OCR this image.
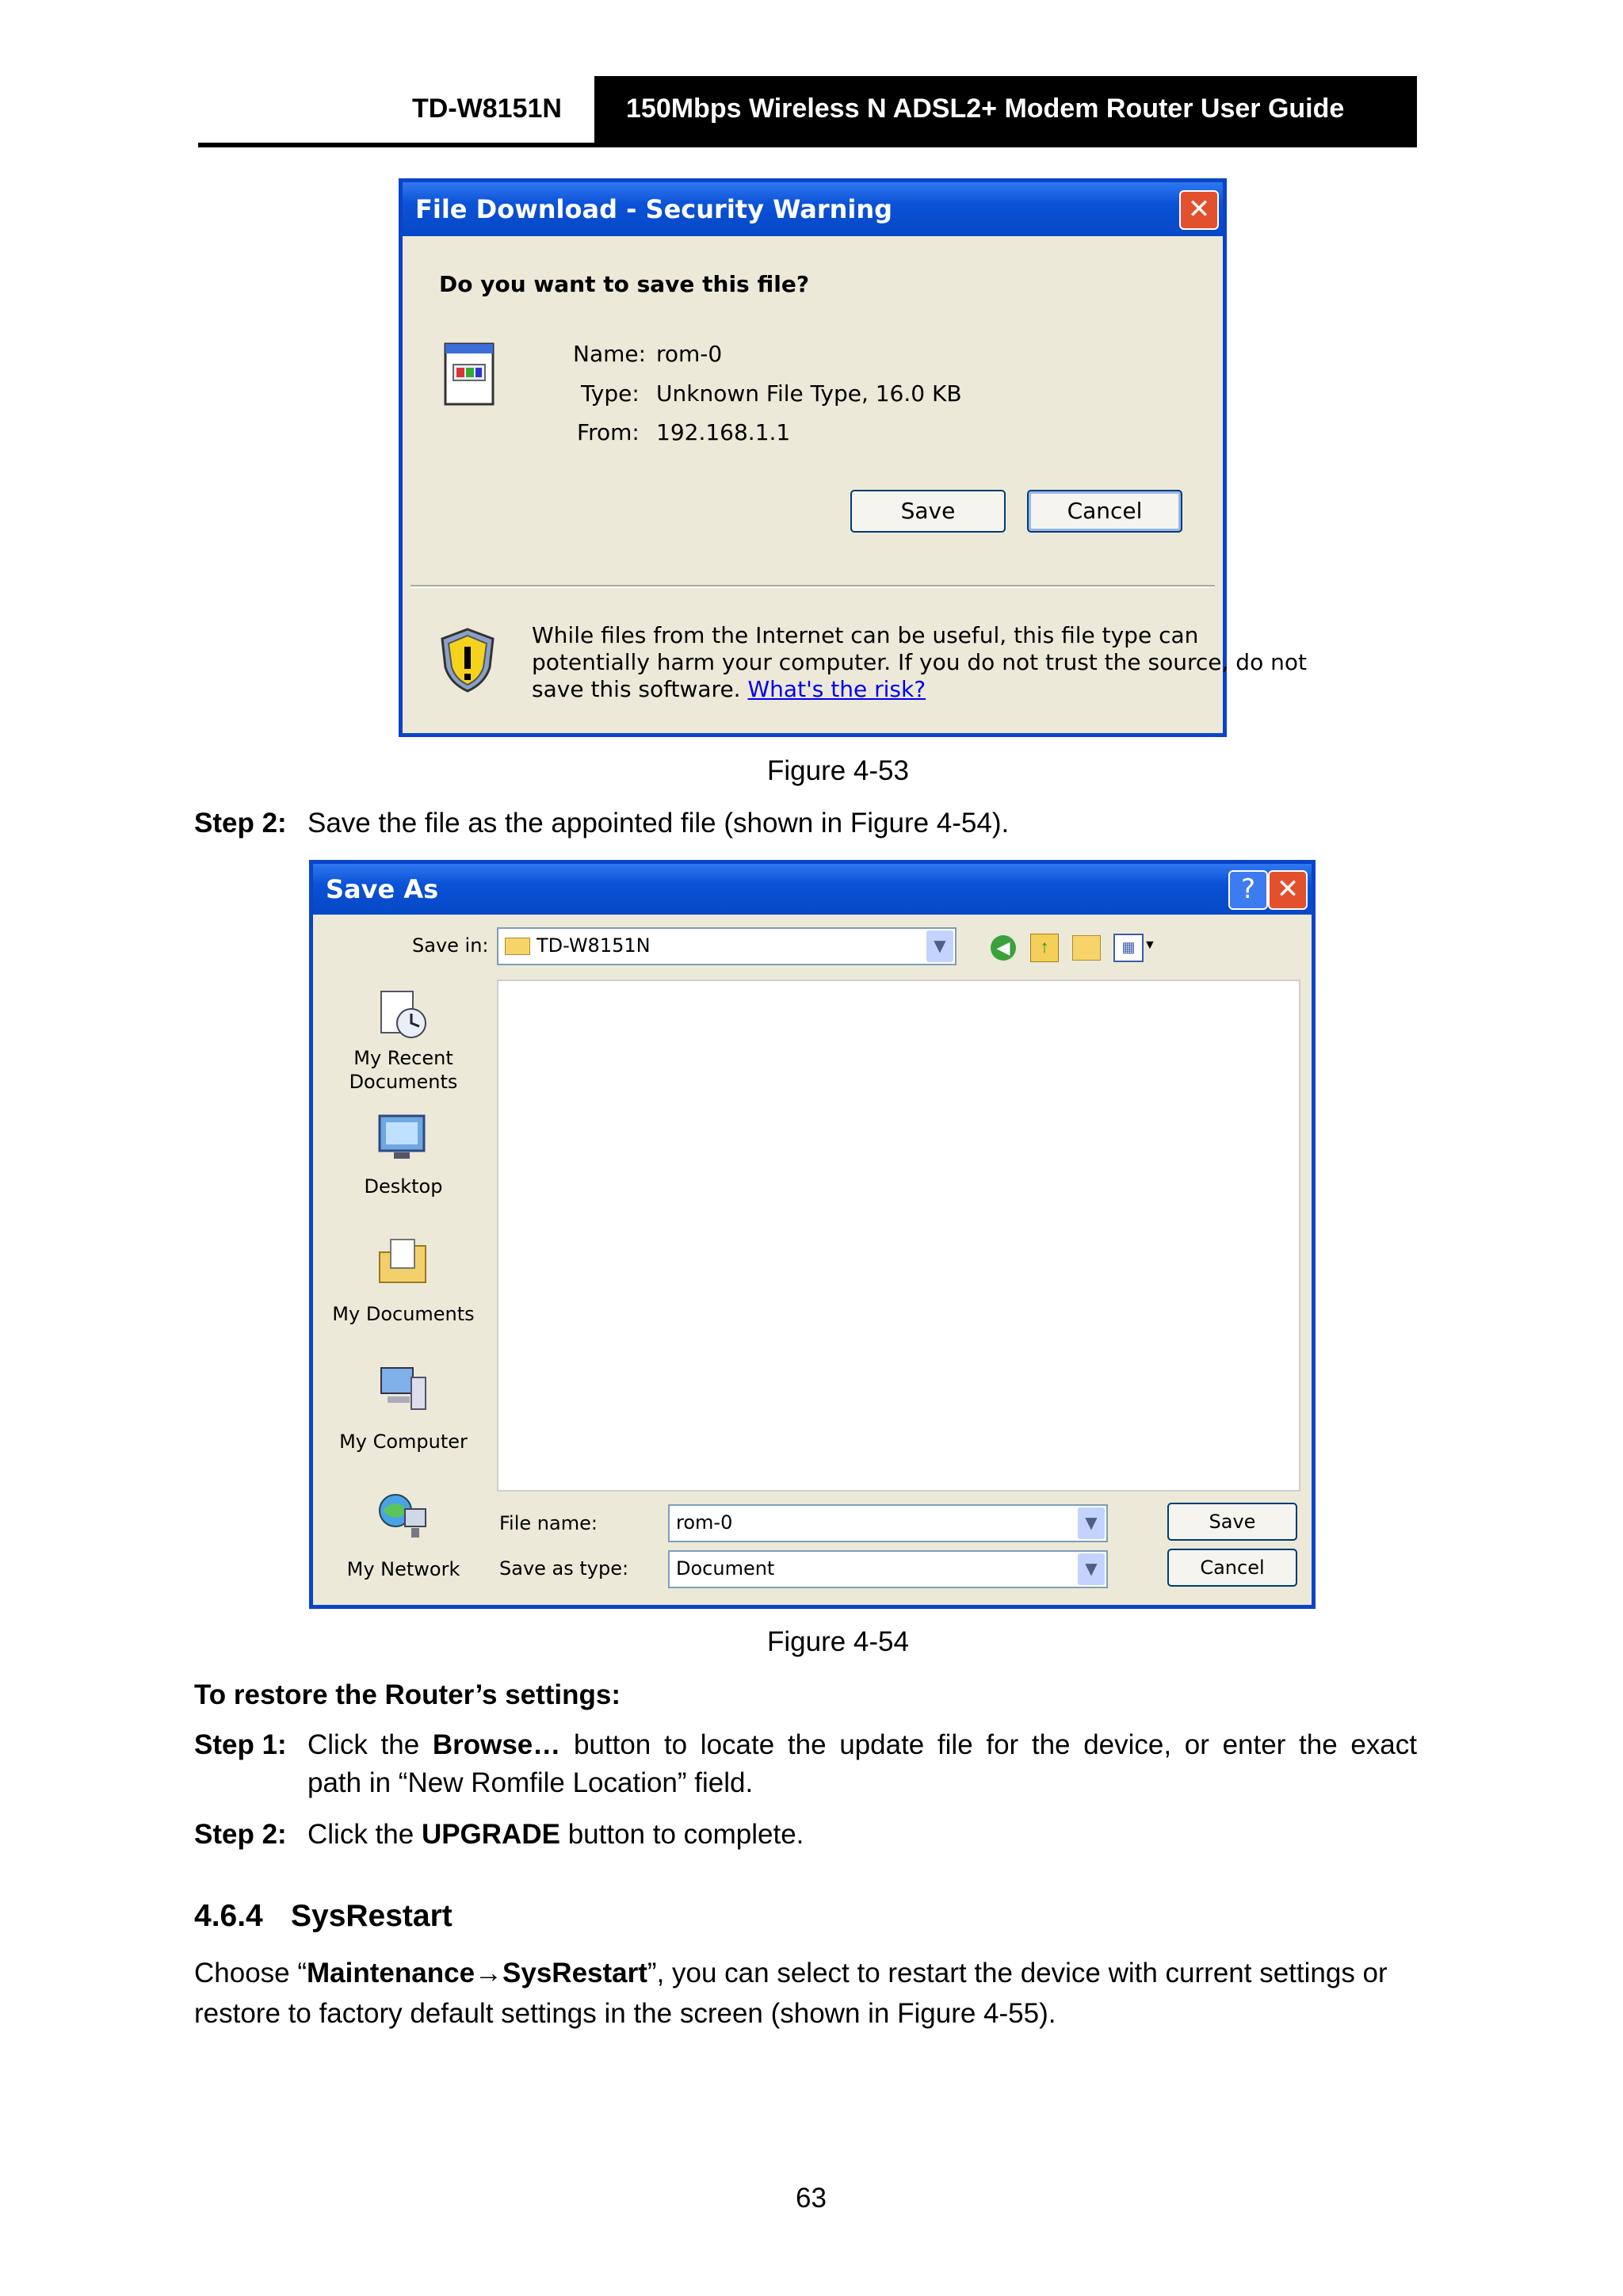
TD-W8151N 150Mbps Wireless N ADSL2+ Modem Router User Guide
File Download - Security Warning	✕
Do you want to save this file?
Name: rom-0
Type: Unknown File Type, 16.0 KB
From: 192.168.1.1
Save	Cancel
While files from the Internet can be useful, this file type can
potentially harm your computer. If you do not trust the source, do not
save this software. What's the risk?
Figure 4-53
Step 2: Save the file as the appointed file (shown in Figure 4-54).
Save As	? ✕
Save in:	TD-W8151N	▼	◀	↑	▦ ▼
My Recent
Documents
Desktop
My Documents
My Computer
My Network
File name:	rom-0	▼
Save as type:	Document	▼
Save
Cancel
Figure 4-54
To restore the Router’s settings:
Step 1: Click the Browse… button to locate the update file for the device, or enter the exact
path in “New Romfile Location” field.
Step 2: Click the UPGRADE button to complete.
4.6.4 SysRestart
Choose “Maintenance→SysRestart”, you can select to restart the device with current settings or
restore to factory default settings in the screen (shown in Figure 4-55).
63
